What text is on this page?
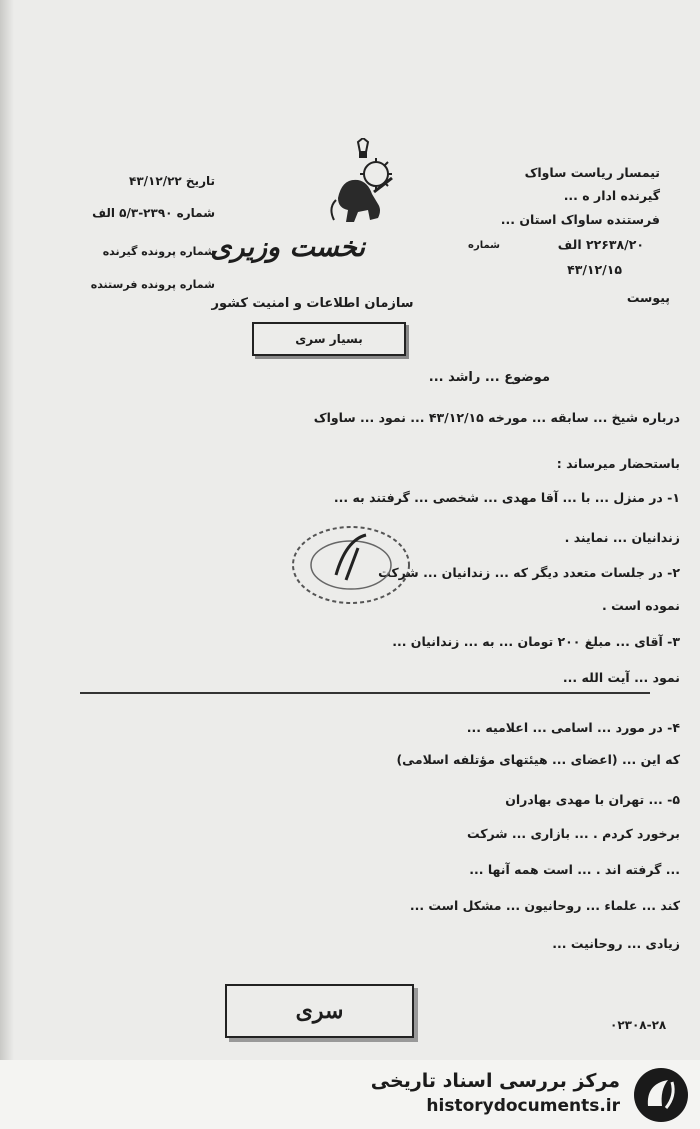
تیمسار ریاست ساواک
گیرنده ادار ه ...
فرستنده ساواک استان ...
شماره	۲۲۶۳۸/۲۰ الف
۴۳/۱۲/۱۵
پیوست
تاریخ ۴۳/۱۲/۲۲
شماره ۲۳۹۰-۵/۳ الف
شماره پرونده گیرنده
شماره پرونده فرستنده
نخست وزیری
سازمان اطلاعات و امنیت کشور
بسیار سری
موضوع ... راشد ...
درباره شیخ ... سابقه ... مورخه ۴۳/۱۲/۱۵ ... نمود ... ساواک
باستحضار میرساند :
۱- در منزل ... با ... آقا مهدی ... شخصی ... گرفتند به ...
زندانیان ... نمایند .
۲- در جلسات متعدد دیگر که ... زندانیان ... شرکت
نموده است .
۳- آقای ... مبلغ ۲۰۰ تومان ... به ... زندانیان ...
نمود ... آیت الله ...
۴- در مورد ... اسامی ... اعلامیه ...
که این ... (اعضای ... هیئتهای مؤتلفه اسلامی)
۵- ... تهران با مهدی بهادران
برخورد کردم . ... بازاری ... شرکت
... گرفته اند . ... است همه آنها ...
کند ... علماء ... روحانیون ... مشکل است ...
زیادی ... روحانیت ...
سری
۰۲۳۰۸-۲۸
مرکز بررسی اسناد تاریخی
historydocuments.ir
